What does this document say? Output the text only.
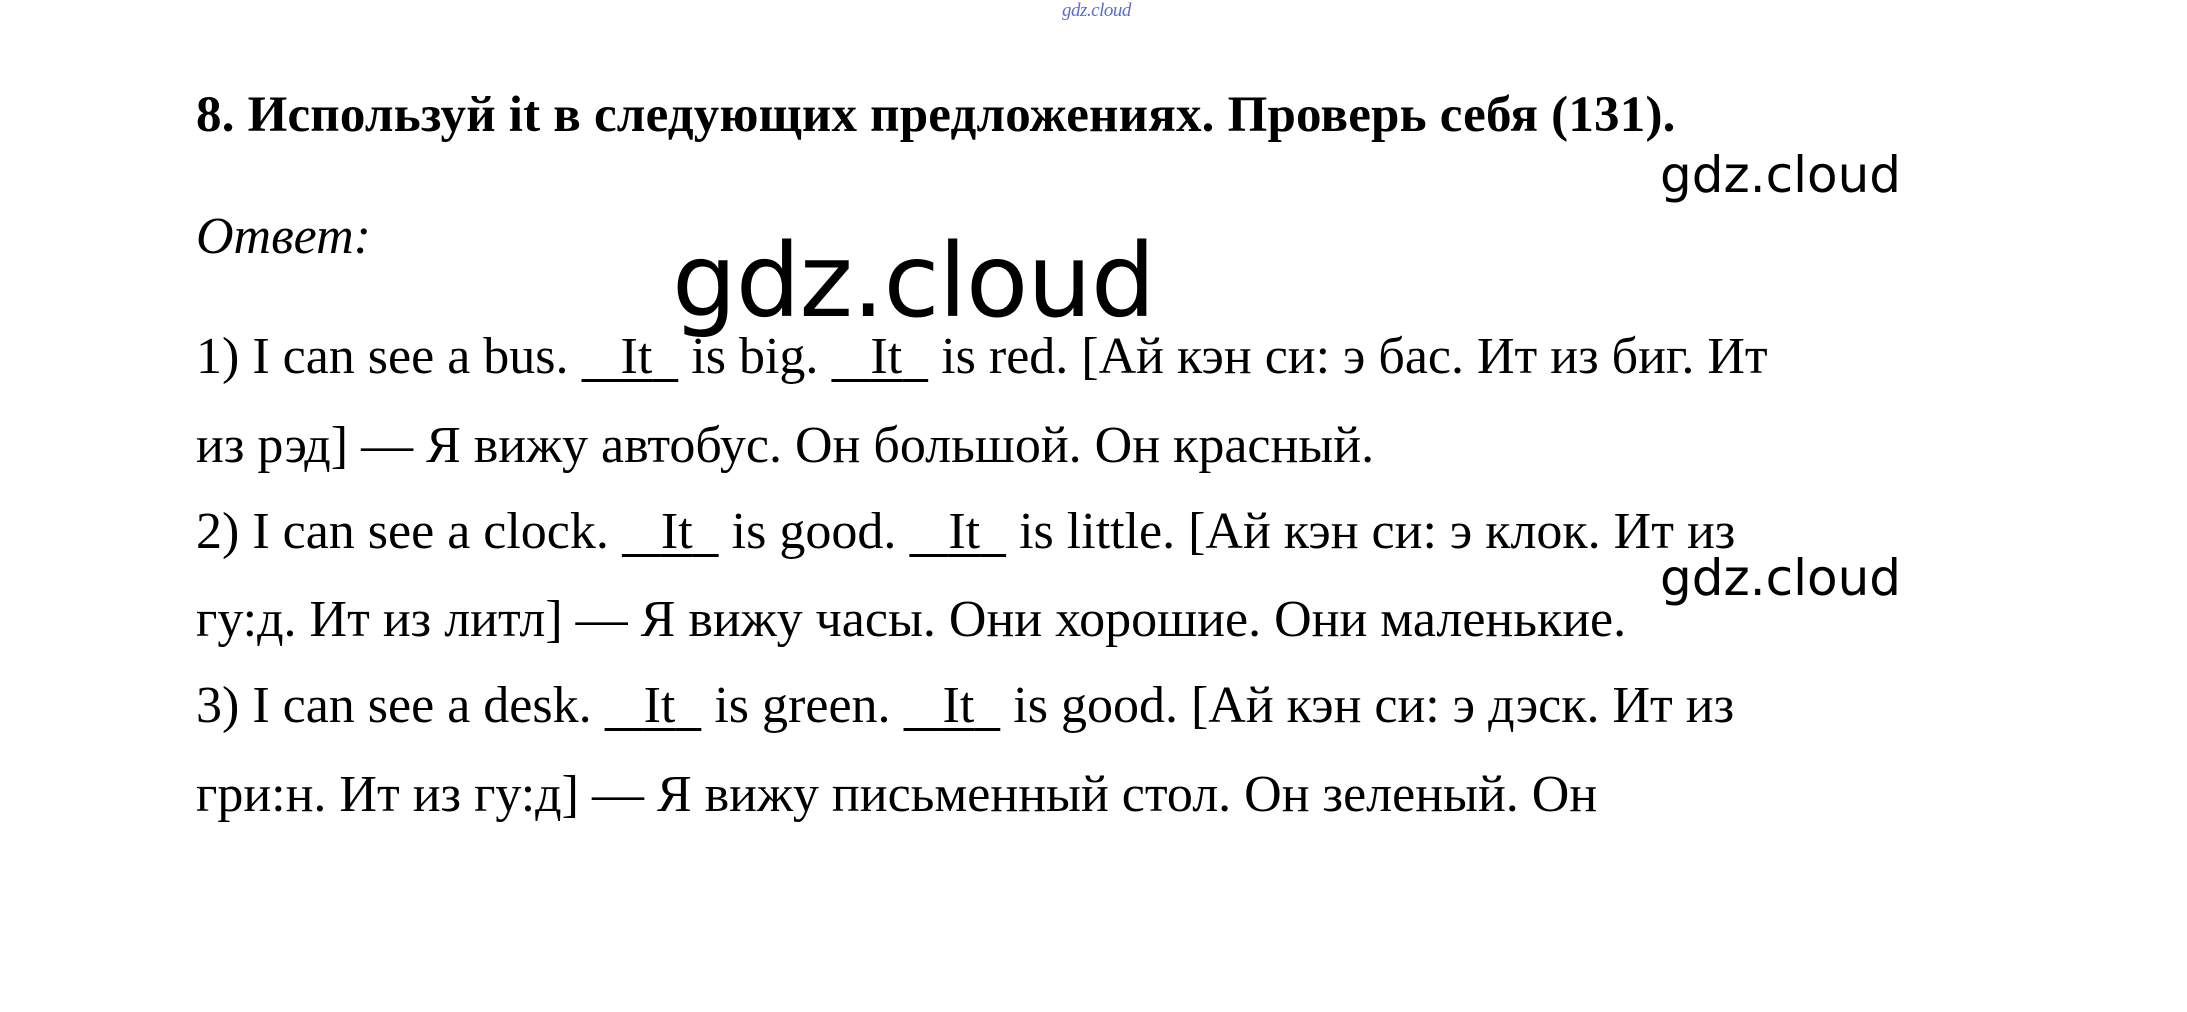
gdz.cloud
8. Используй it в следующих предложениях. Проверь себя (131).
gdz.cloud
Ответ:	gdz.cloud
1) I can see a bus.    It   is big.    It   is red. [Ай кэн си: э бас. Ит из биг. Ит
из рэд] — Я вижу автобус. Он большой. Он красный.
2) I can see a clock.    It   is good.    It   is little. [Ай кэн си: э клок. Ит из
gdz.cloud
гу:д. Ит из литл] — Я вижу часы. Они хорошие. Они маленькие.
3) I can see a desk.    It   is green.    It   is good. [Ай кэн си: э дэск. Ит из
гри:н. Ит из гу:д] — Я вижу письменный стол. Он зеленый. Он
